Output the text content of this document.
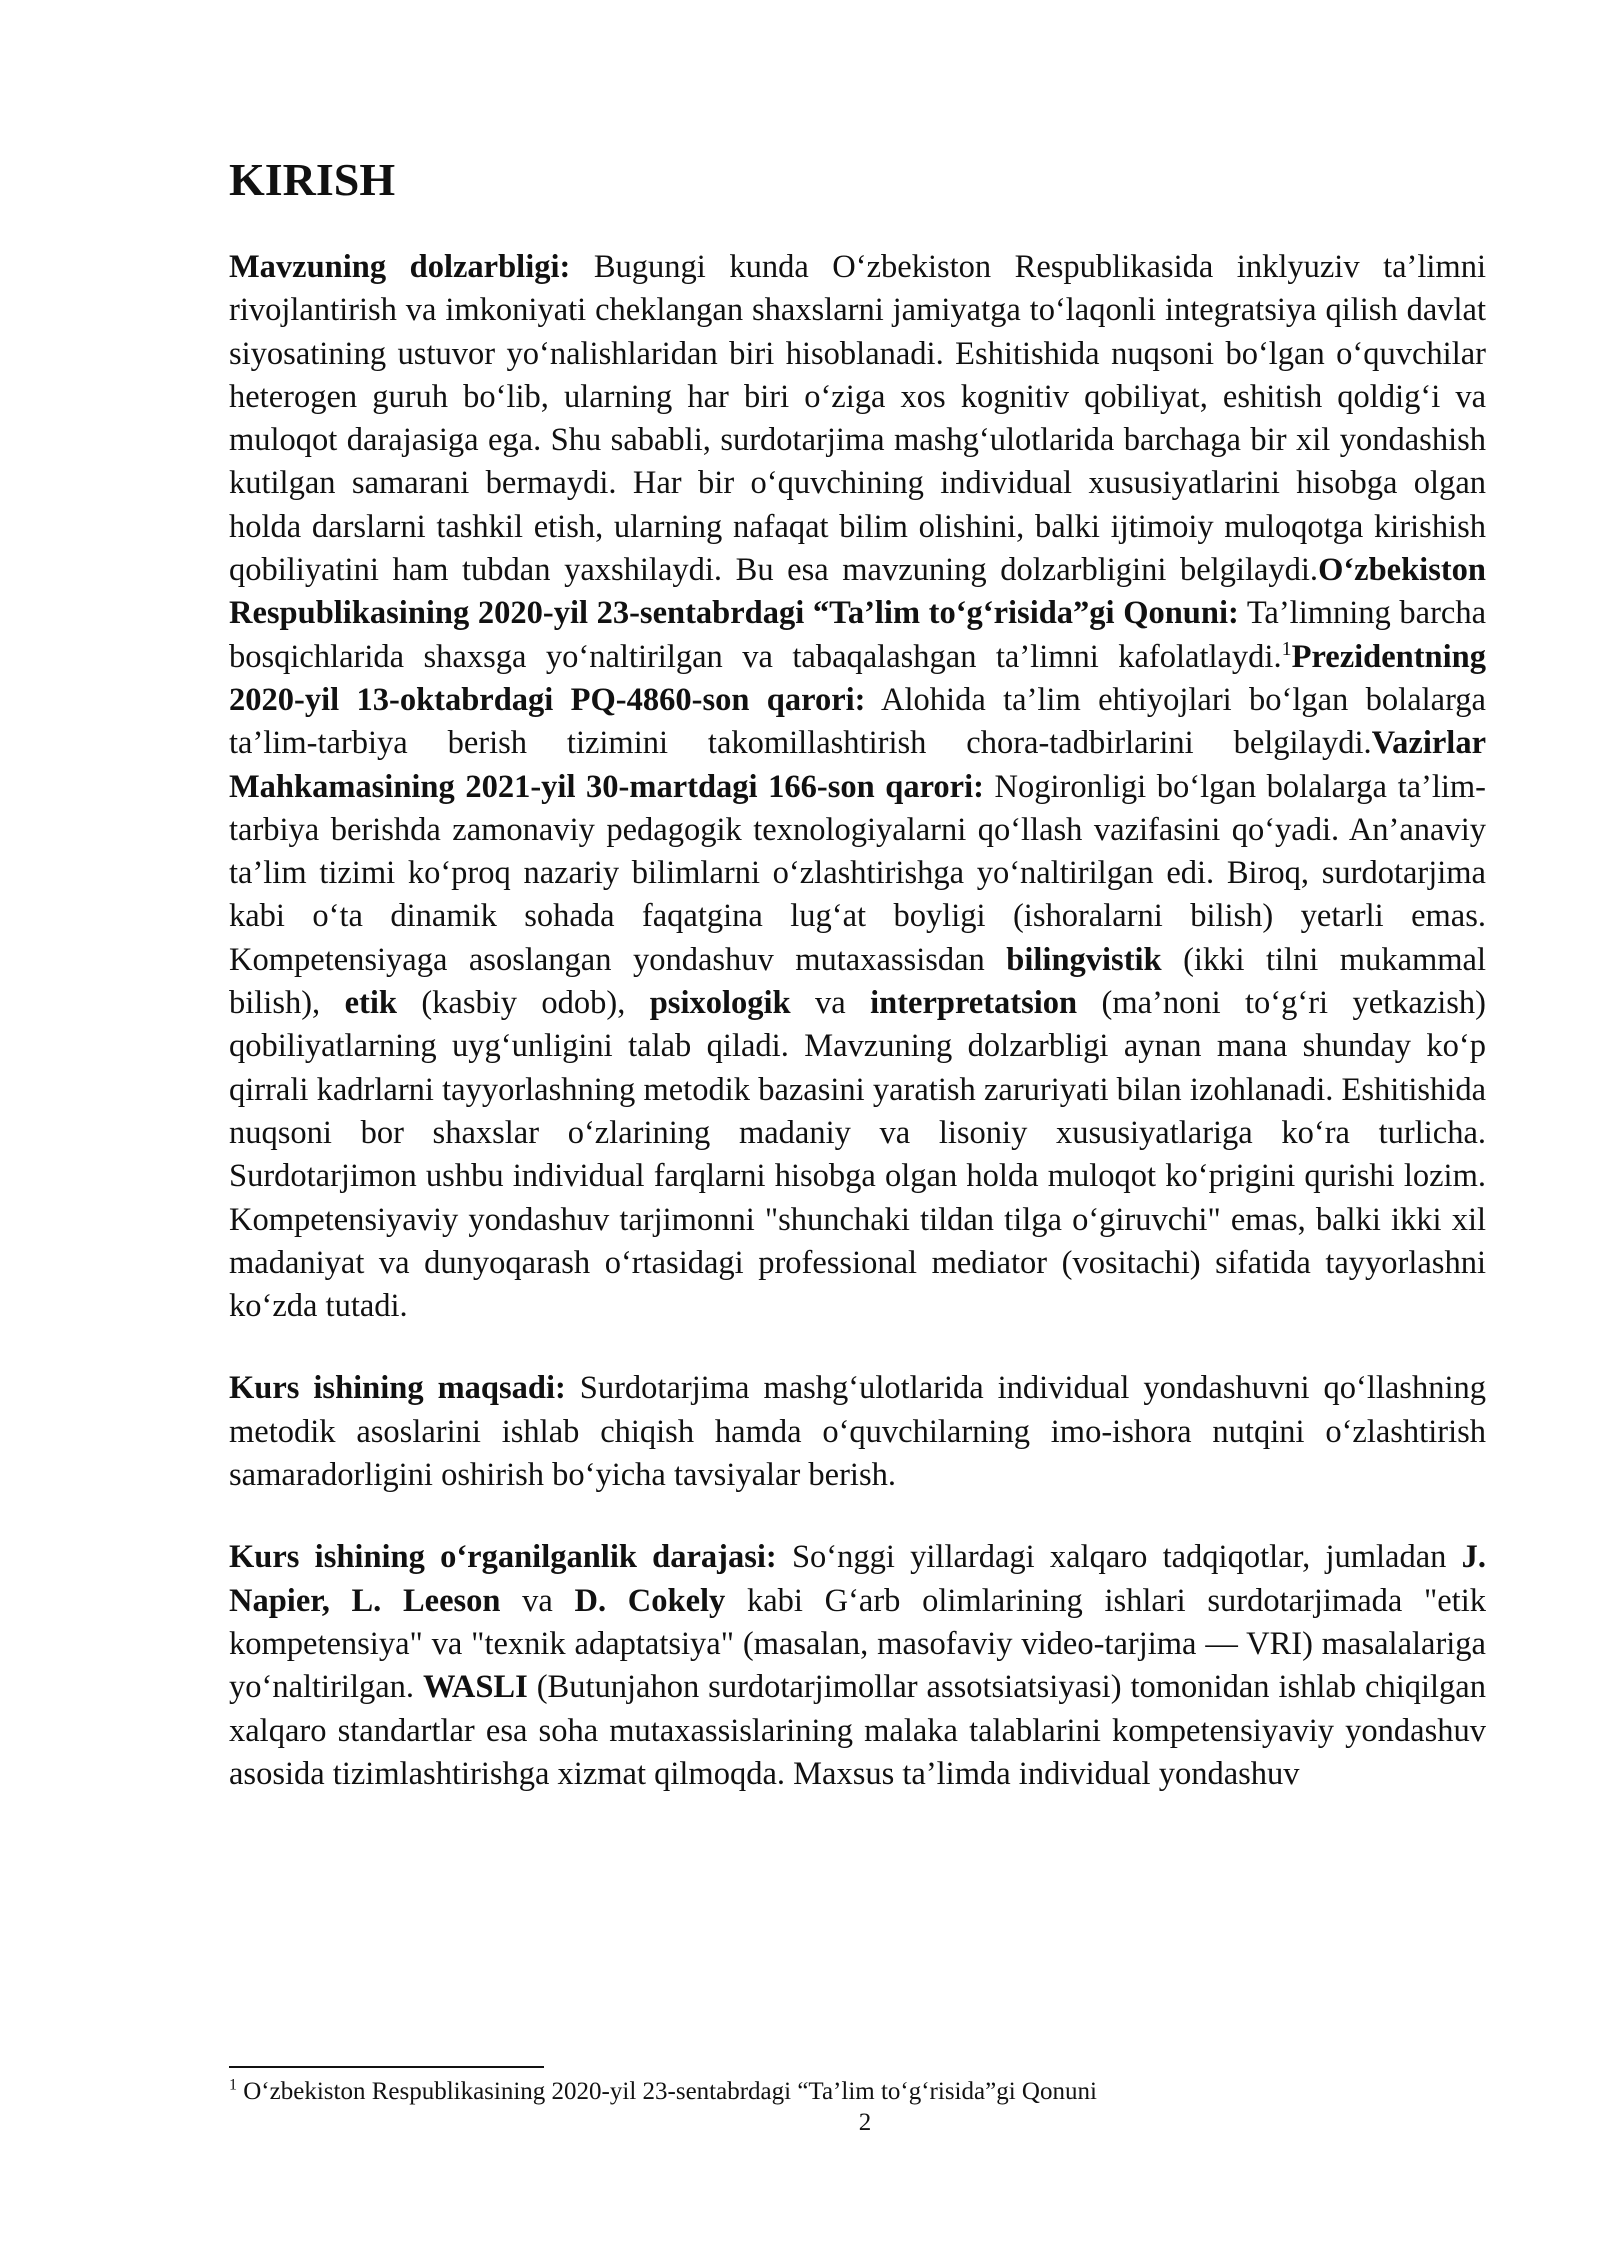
KIRISH

Mavzuning dolzarbligi: Bugungi kunda O‘zbekiston Respublikasida inklyuziv ta’limni rivojlantirish va imkoniyati cheklangan shaxslarni jamiyatga to‘laqonli integratsiya qilish davlat siyosatining ustuvor yo‘nalishlaridan biri hisoblanadi. Eshitishida nuqsoni bo‘lgan o‘quvchilar heterogen guruh bo‘lib, ularning har biri o‘ziga xos kognitiv qobiliyat, eshitish qoldig‘i va muloqot darajasiga ega. Shu sababli, surdotarjima mashg‘ulotlarida barchaga bir xil yondashish kutilgan samarani bermaydi. Har bir o‘quvchining individual xususiyatlarini hisobga olgan holda darslarni tashkil etish, ularning nafaqat bilim olishini, balki ijtimoiy muloqotga kirishish qobiliyatini ham tubdan yaxshilaydi. Bu esa mavzuning dolzarbligini belgilaydi.O‘zbekiston Respublikasining 2020-yil 23-sentabrdagi “Ta’lim to‘g‘risida”gi Qonuni: Ta’limning barcha bosqichlarida shaxsga yo‘naltirilgan va tabaqalashgan ta’limni kafolatlaydi.$^1$Prezidentning 2020-yil 13-oktabrdagi PQ-4860-son qarori: Alohida ta’lim ehtiyojlari bo‘lgan bolalarga ta’lim-tarbiya berish tizimini takomillashtirish chora-tadbirlarini belgilaydi.Vazirlar Mahkamasining 2021-yil 30-martdagi 166-son qarori: Nogironligi bo‘lgan bolalarga ta’lim-tarbiya berishda zamonaviy pedagogik texnologiyalarni qo‘llash vazifasini qo‘yadi. An’anaviy ta’lim tizimi ko‘proq nazariy bilimlarni o‘zlashtirishga yo‘naltirilgan edi. Biroq, surdotarjima kabi o‘ta dinamik sohada faqatgina lug‘at boyligi (ishoralarni bilish) yetarli emas. Kompetensiyaga asoslangan yondashuv mutaxassisdan bilingvistik (ikki tilni mukammal bilish), etik (kasbiy odob), psixologik va interpretatsion (ma’noni to‘g‘ri yetkazish) qobiliyatlarning uyg‘unligini talab qiladi. Mavzuning dolzarbligi aynan mana shunday ko‘p qirrali kadrlarni tayyorlashning metodik bazasini yaratish zaruriyati bilan izohlanadi. Eshitishida nuqsoni bor shaxslar o‘zlarining madaniy va lisoniy xususiyatlariga ko‘ra turlicha. Surdotarjimon ushbu individual farqlarni hisobga olgan holda muloqot ko‘prigini qurishi lozim. Kompetensiyaviy yondashuv tarjimonni "shunchaki tildan tilga o‘giruvchi" emas, balki ikki xil madaniyat va dunyoqarash o‘rtasidagi professional mediator (vositachi) sifatida tayyorlashni ko‘zda tutadi.

Kurs ishining maqsadi: Surdotarjima mashg‘ulotlarida individual yondashuvni qo‘llashning metodik asoslarini ishlab chiqish hamda o‘quvchilarning imo-ishora nutqini o‘zlashtirish samaradorligini oshirish bo‘yicha tavsiyalar berish.

Kurs ishining o‘rganilganlik darajasi: So‘nggi yillardagi xalqaro tadqiqotlar, jumladan J. Napier, L. Leeson va D. Cokely kabi G‘arb olimlarining ishlari surdotarjimada "etik kompetensiya" va "texnik adaptatsiya" (masalan, masofaviy video-tarjima — VRI) masalalariga yo‘naltirilgan. WASLI (Butunjahon surdotarjimollar assotsiatsiyasi) tomonidan ishlab chiqilgan xalqaro standartlar esa soha mutaxassislarining malaka talablarini kompetensiyaviy yondashuv asosida tizimlashtirishga xizmat qilmoqda. Maxsus ta’limda individual yondashuv

$^1$ O‘zbekiston Respublikasining 2020-yil 23-sentabrdagi “Ta’lim to‘g‘risida”gi Qonuni
2
